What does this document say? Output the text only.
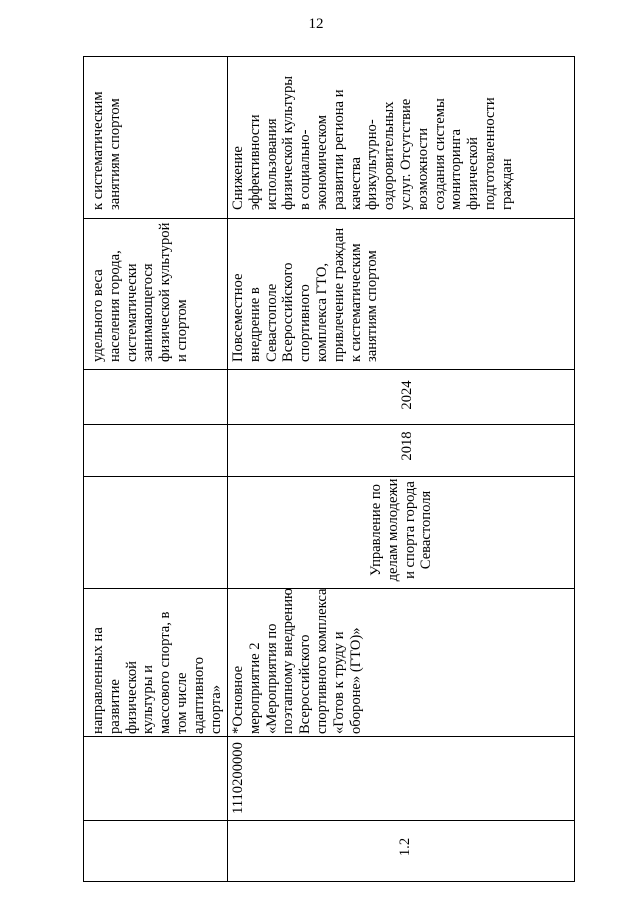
12
направленных на развитие физической культуры и массового спорта, в том числе адаптивного спорта»
удельного веса населения города, систематически занимающегося физической культурой и спортом
к систематическим занятиям спортом
1.2
1110200000
*Основное мероприятие 2 «Мероприятия по поэтапному внедрению Всероссийского спортивного комплекса «Готов к труду и обороне» (ГТО)»
Управление по делам молодежи и спорта города Севастополя
2018
2024
Повсеместное внедрение в Севастополе Всероссийского спортивного комплекса ГТО, привлечение граждан к систематическим занятиям спортом
Снижение эффективности использования физической культуры в социально-экономическом развитии региона и качества физкультурно-оздоровительных услуг. Отсутствие возможности создания системы мониторинга физической подготовленности граждан
